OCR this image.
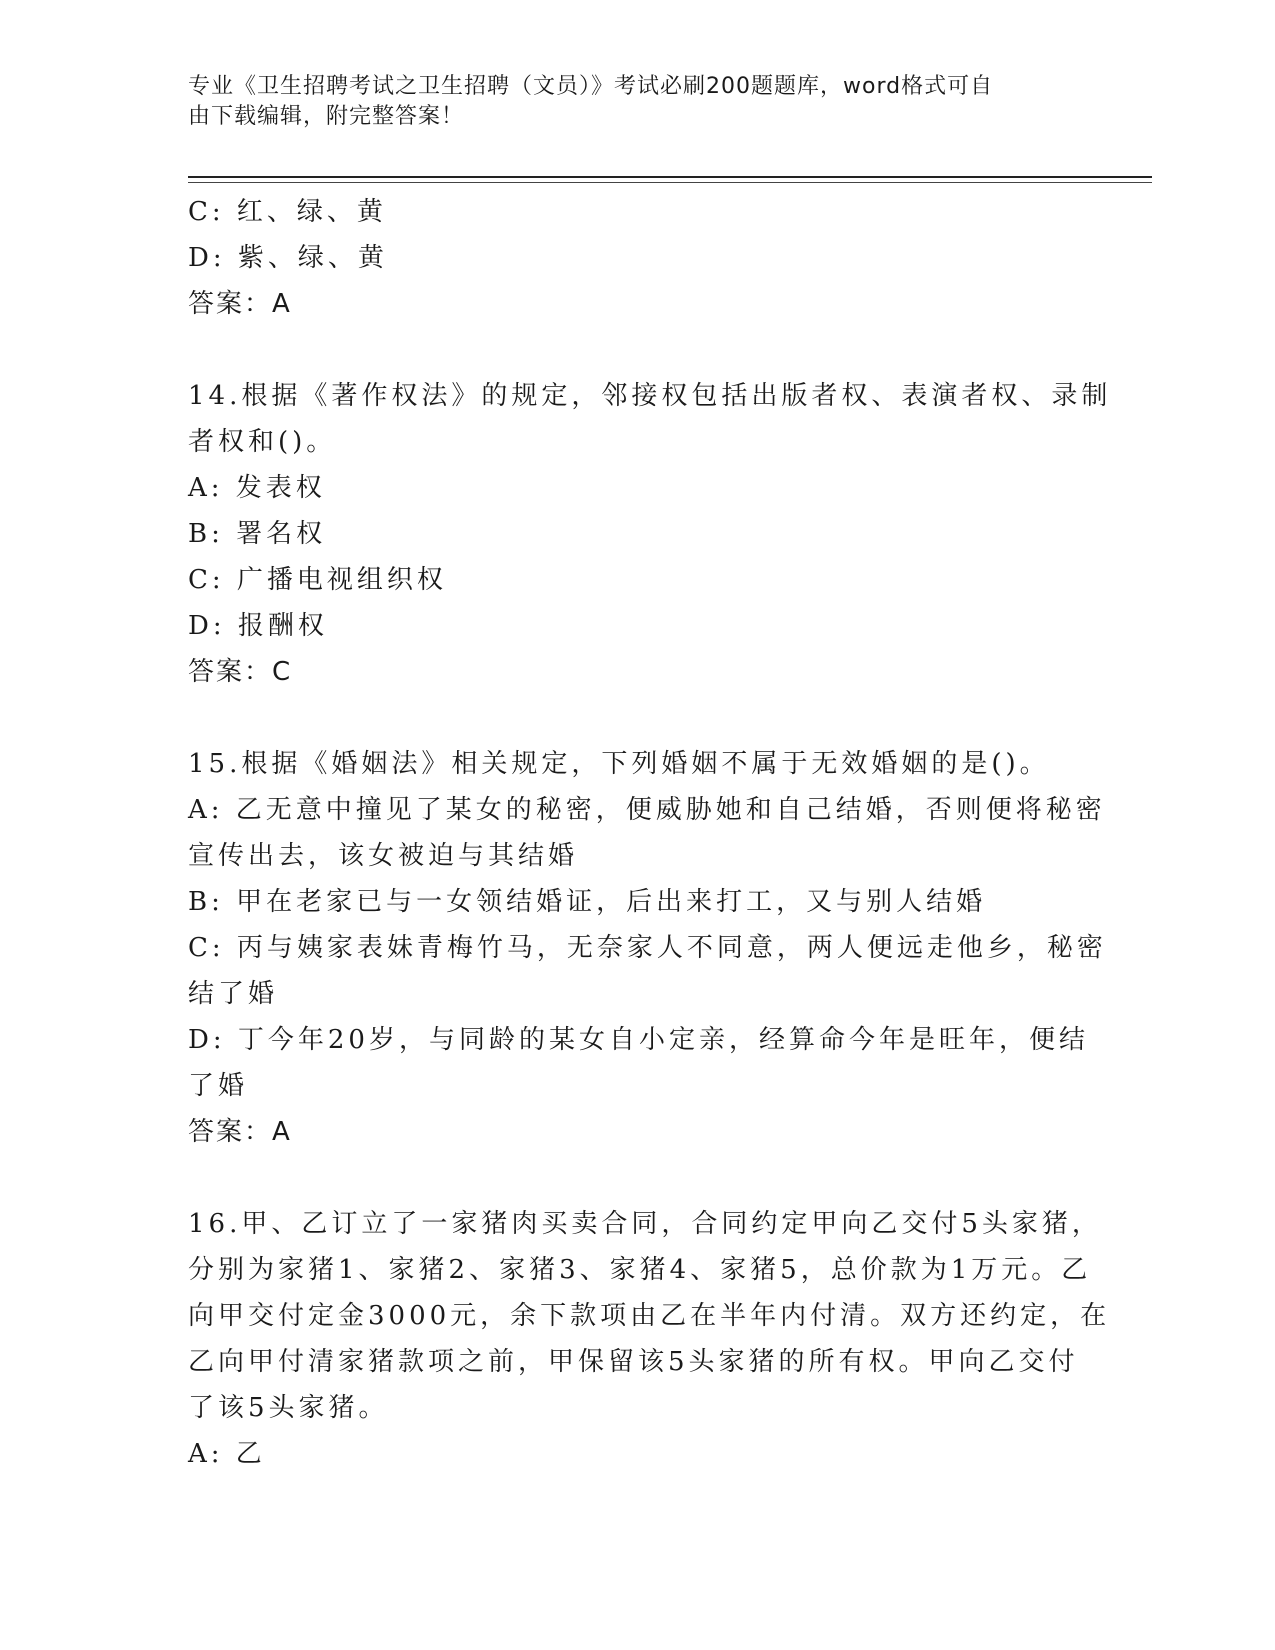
专业《卫生招聘考试之卫生招聘（文员）》考试必刷200题题库，word格式可自
由下载编辑，附完整答案！
C: 红、绿、黄
D: 紫、绿、黄
答案：A
14.根据《著作权法》的规定，邻接权包括出版者权、表演者权、录制
者权和()。
A: 发表权
B: 署名权
C: 广播电视组织权
D: 报酬权
答案：C
15.根据《婚姻法》相关规定，下列婚姻不属于无效婚姻的是()。
A: 乙无意中撞见了某女的秘密，便威胁她和自己结婚，否则便将秘密
宣传出去，该女被迫与其结婚
B: 甲在老家已与一女领结婚证，后出来打工，又与别人结婚
C: 丙与姨家表妹青梅竹马，无奈家人不同意，两人便远走他乡，秘密
结了婚
D: 丁今年20岁，与同龄的某女自小定亲，经算命今年是旺年，便结
了婚
答案：A
16.甲、乙订立了一家猪肉买卖合同，合同约定甲向乙交付5头家猪，
分别为家猪1、家猪2、家猪3、家猪4、家猪5，总价款为1万元。乙
向甲交付定金3000元，余下款项由乙在半年内付清。双方还约定，在
乙向甲付清家猪款项之前，甲保留该5头家猪的所有权。甲向乙交付
了该5头家猪。
A: 乙
